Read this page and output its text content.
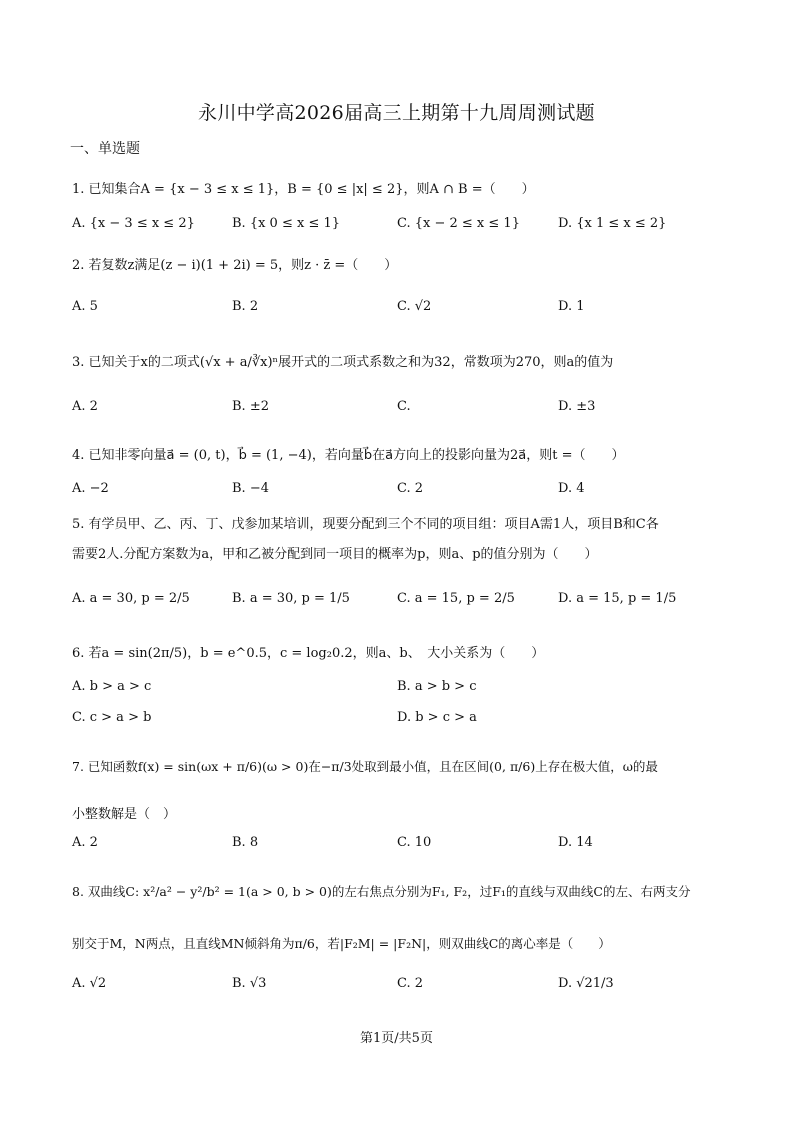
永川中学高2026届高三上期第十九周周测试题
一、单选题
1. 已知集合A = {x − 3 ≤ x ≤ 1}，B = {0 ≤ |x| ≤ 2}，则A ∩ B =（　　）
A. {x − 3 ≤ x ≤ 2}	B. {x 0 ≤ x ≤ 1}	C. {x − 2 ≤ x ≤ 1}	D. {x 1 ≤ x ≤ 2}
2. 若复数z满足(z − i)(1 + 2i) = 5，则z · z̄ =（　　）
A. 5	B. 2	C. √2	D. 1
3. 已知关于x的二项式(√x + a/∛x)ⁿ展开式的二项式系数之和为32，常数项为270，则a的值为
A. 2	B. ±2	C.	D. ±3
4. 已知非零向量a⃗ = (0, t)，b⃗ = (1, −4)，若向量b⃗在a⃗方向上的投影向量为2a⃗，则t =（　　）
A. −2	B. −4	C. 2	D. 4
5. 有学员甲、乙、丙、丁、戊参加某培训，现要分配到三个不同的项目组：项目A需1人，项目B和C各
需要2人.分配方案数为a，甲和乙被分配到同一项目的概率为p，则a、p的值分别为（　　）
A. a = 30, p = 2/5	B. a = 30, p = 1/5	C. a = 15, p = 2/5	D. a = 15, p = 1/5
6. 若a = sin(2π/5)，b = e^0.5，c = log₂0.2，则a、b、　大小关系为（　　）
A. b > a > c	B. a > b > c
C. c > a > b	D. b > c > a
7. 已知函数f(x) = sin(ωx + π/6)(ω > 0)在−π/3处取到最小值，且在区间(0, π/6)上存在极大值，ω的最
小整数解是（　）
A. 2	B. 8	C. 10	D. 14
8. 双曲线C: x²/a² − y²/b² = 1(a > 0, b > 0)的左右焦点分别为F₁, F₂，过F₁的直线与双曲线C的左、右两支分
别交于M，N两点，且直线MN倾斜角为π/6，若|F₂M| = |F₂N|，则双曲线C的离心率是（　　）
A. √2	B. √3	C. 2	D. √21/3
第1页/共5页
